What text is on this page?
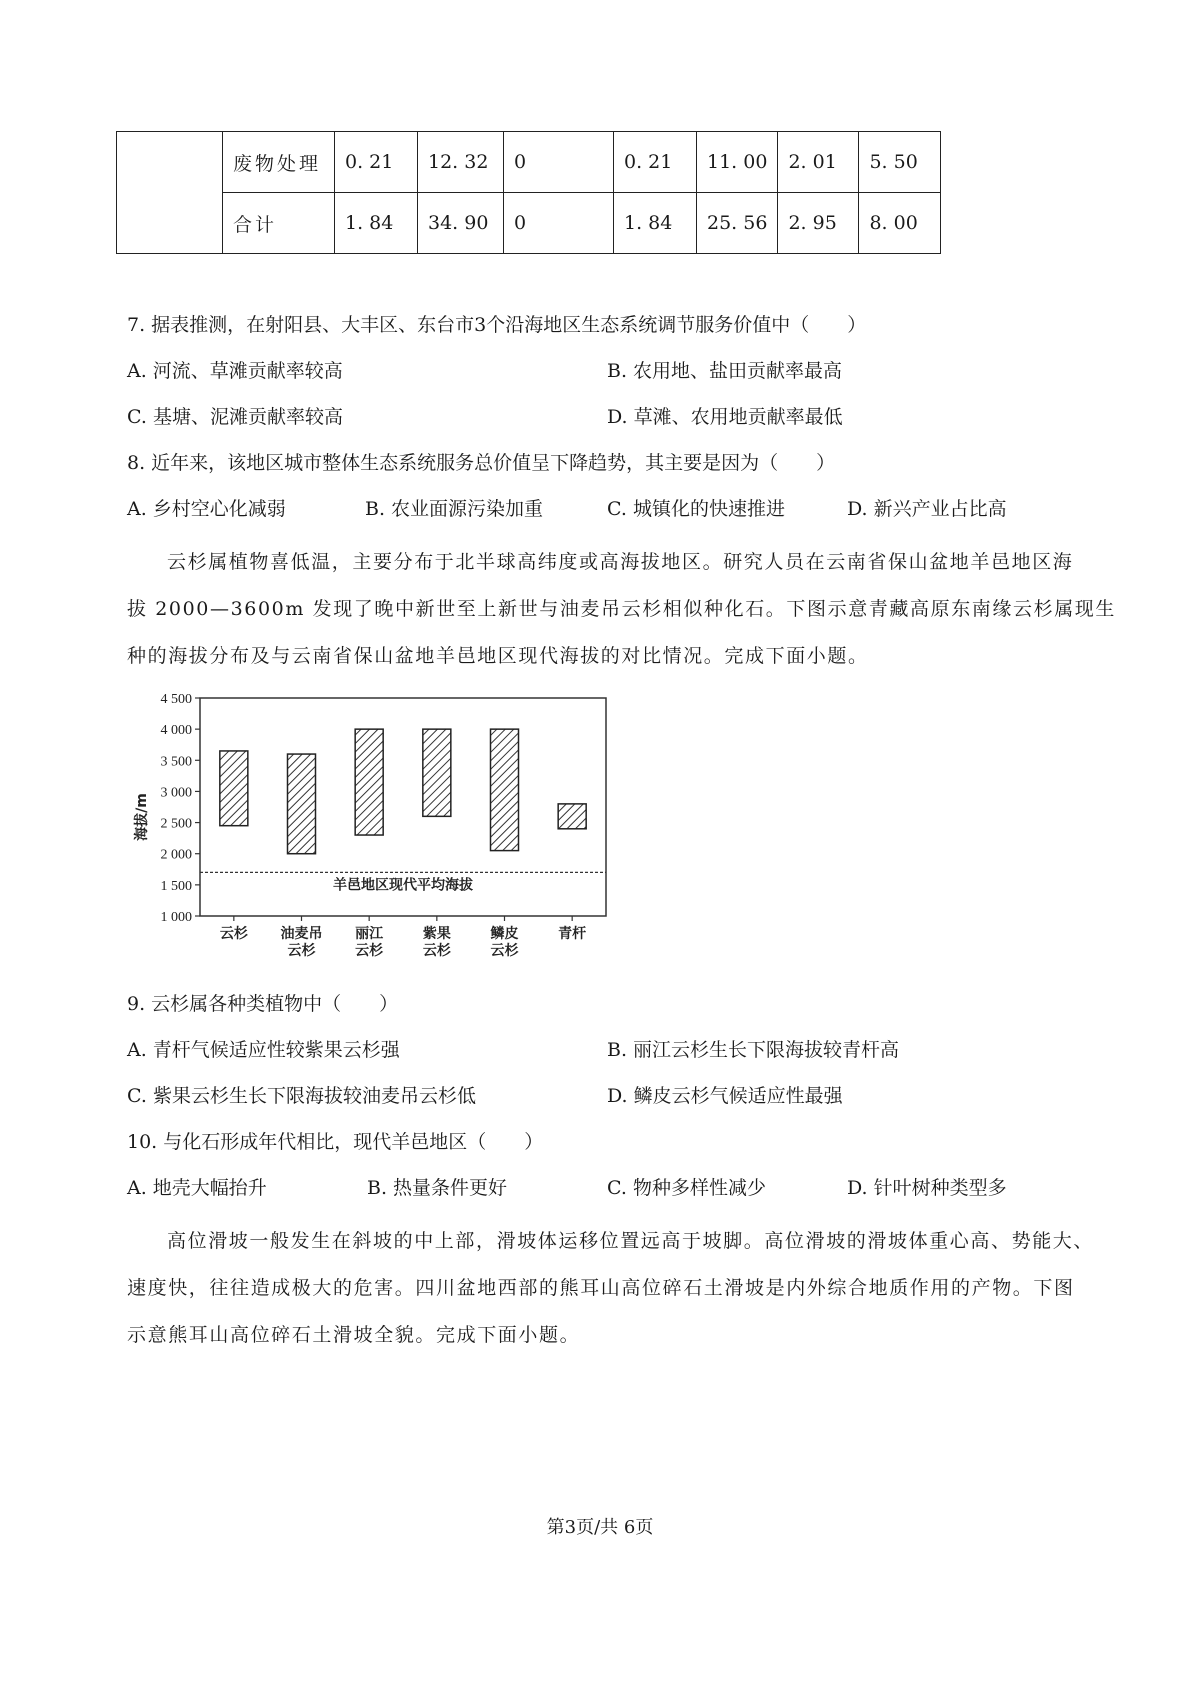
	废物处理	0. 21	12. 32	0	0. 21	11. 00	2. 01	5. 50
	合计	1. 84	34. 90	0	1. 84	25. 56	2. 95	8. 00
7. 据表推测，在射阳县、大丰区、东台市3个沿海地区生态系统调节服务价值中（　　）
A. 河流、草滩贡献率较高	B. 农用地、盐田贡献率最高
C. 基塘、泥滩贡献率较高	D. 草滩、农用地贡献率最低
8. 近年来，该地区城市整体生态系统服务总价值呈下降趋势，其主要是因为（　　）
A. 乡村空心化减弱	B. 农业面源污染加重	C. 城镇化的快速推进	D. 新兴产业占比高
云杉属植物喜低温，主要分布于北半球高纬度或高海拔地区。研究人员在云南省保山盆地羊邑地区海
拔 2000—3600m 发现了晚中新世至上新世与油麦吊云杉相似种化石。下图示意青藏高原东南缘云杉属现生
种的海拔分布及与云南省保山盆地羊邑地区现代海拔的对比情况。完成下面小题。
4 500
4 000
3 500
3 000
2 500
2 000
1 500
1 000
海拔/m
羊邑地区现代平均海拔
云杉 油麦吊
云杉
丽江
云杉
紫果
云杉
鳞皮
云杉
青杆
9. 云杉属各种类植物中（　　）
A. 青杆气候适应性较紫果云杉强	B. 丽江云杉生长下限海拔较青杆高
C. 紫果云杉生长下限海拔较油麦吊云杉低	D. 鳞皮云杉气候适应性最强
10. 与化石形成年代相比，现代羊邑地区（　　）
A. 地壳大幅抬升	B. 热量条件更好	C. 物种多样性减少	D. 针叶树种类型多
高位滑坡一般发生在斜坡的中上部，滑坡体运移位置远高于坡脚。高位滑坡的滑坡体重心高、势能大、
速度快，往往造成极大的危害。四川盆地西部的熊耳山高位碎石土滑坡是内外综合地质作用的产物。下图
示意熊耳山高位碎石土滑坡全貌。完成下面小题。
第3页/共 6页
